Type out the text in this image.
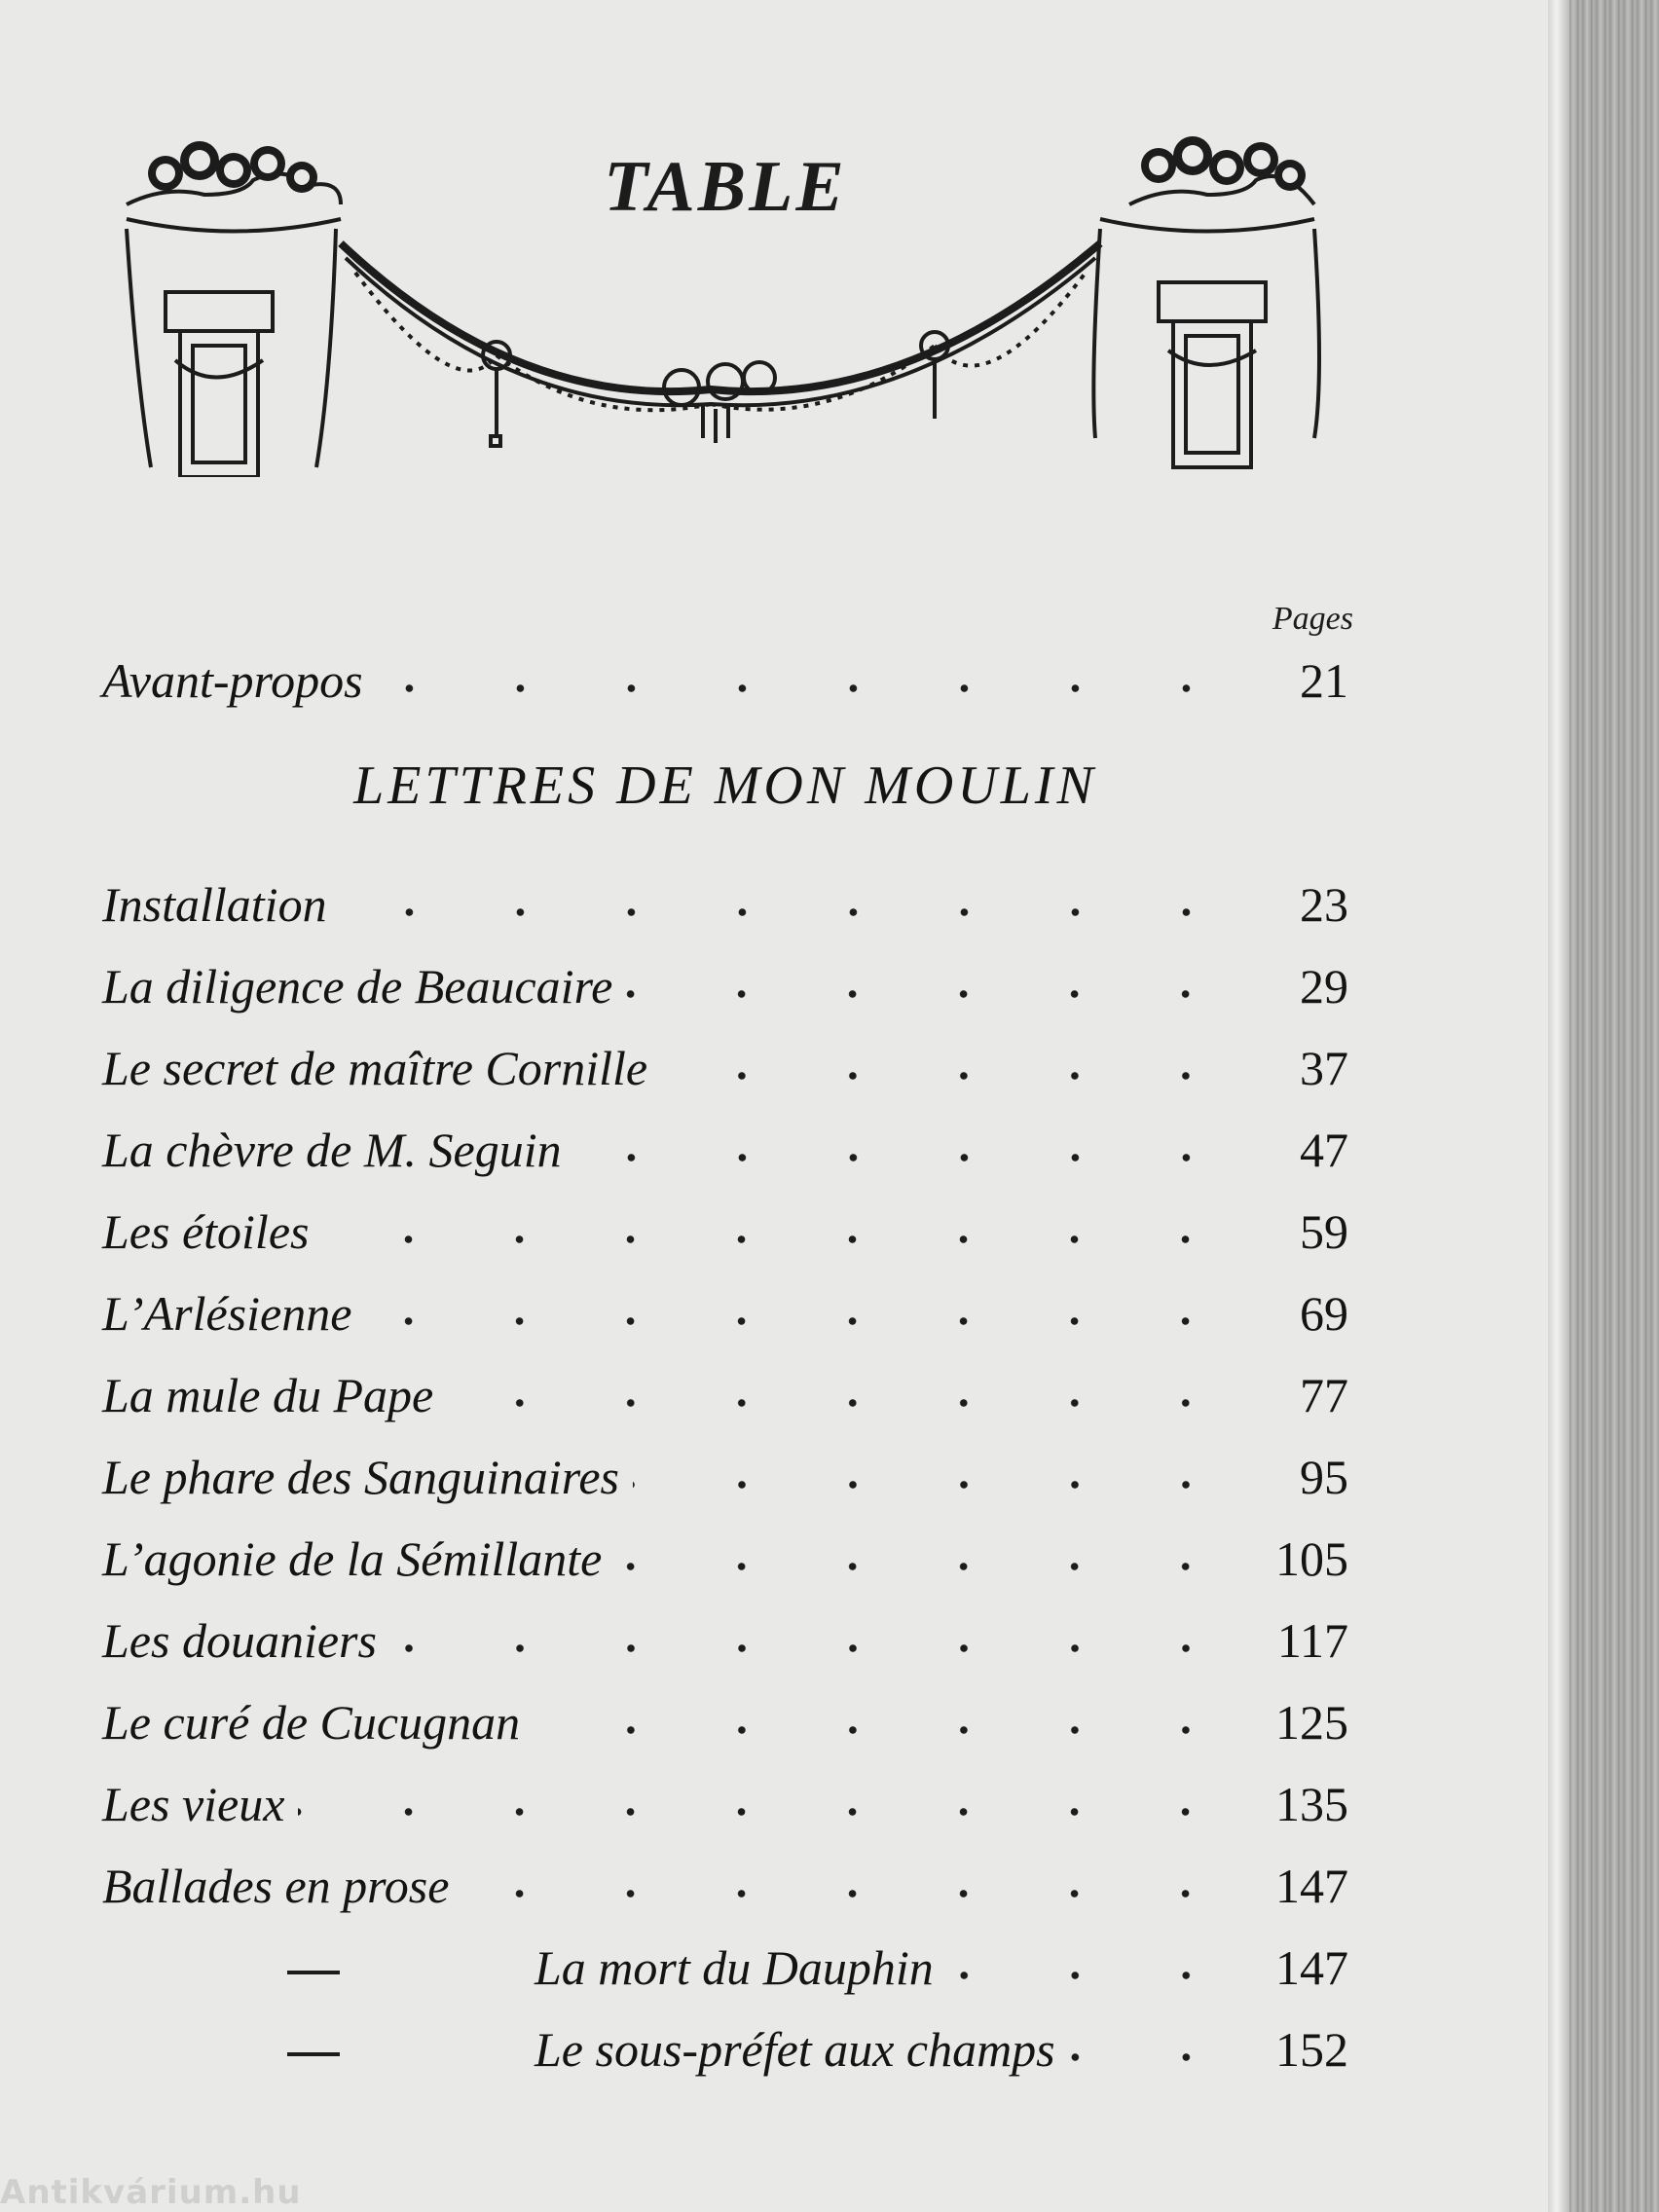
TABLE
Pages
Avant-propos	21
LETTRES DE MON MOULIN
Installation	23
La diligence de Beaucaire	29
Le secret de maître Cornille	37
La chèvre de M. Seguin	47
Les étoiles	59
L’Arlésienne	69
La mule du Pape	77
Le phare des Sanguinaires	95
L’agonie de la Sémillante	105
Les douaniers	117
Le curé de Cucugnan	125
Les vieux	135
Ballades en prose	147
La mort du Dauphin	147
Le sous-préfet aux champs	152
Antikvárium.hu
